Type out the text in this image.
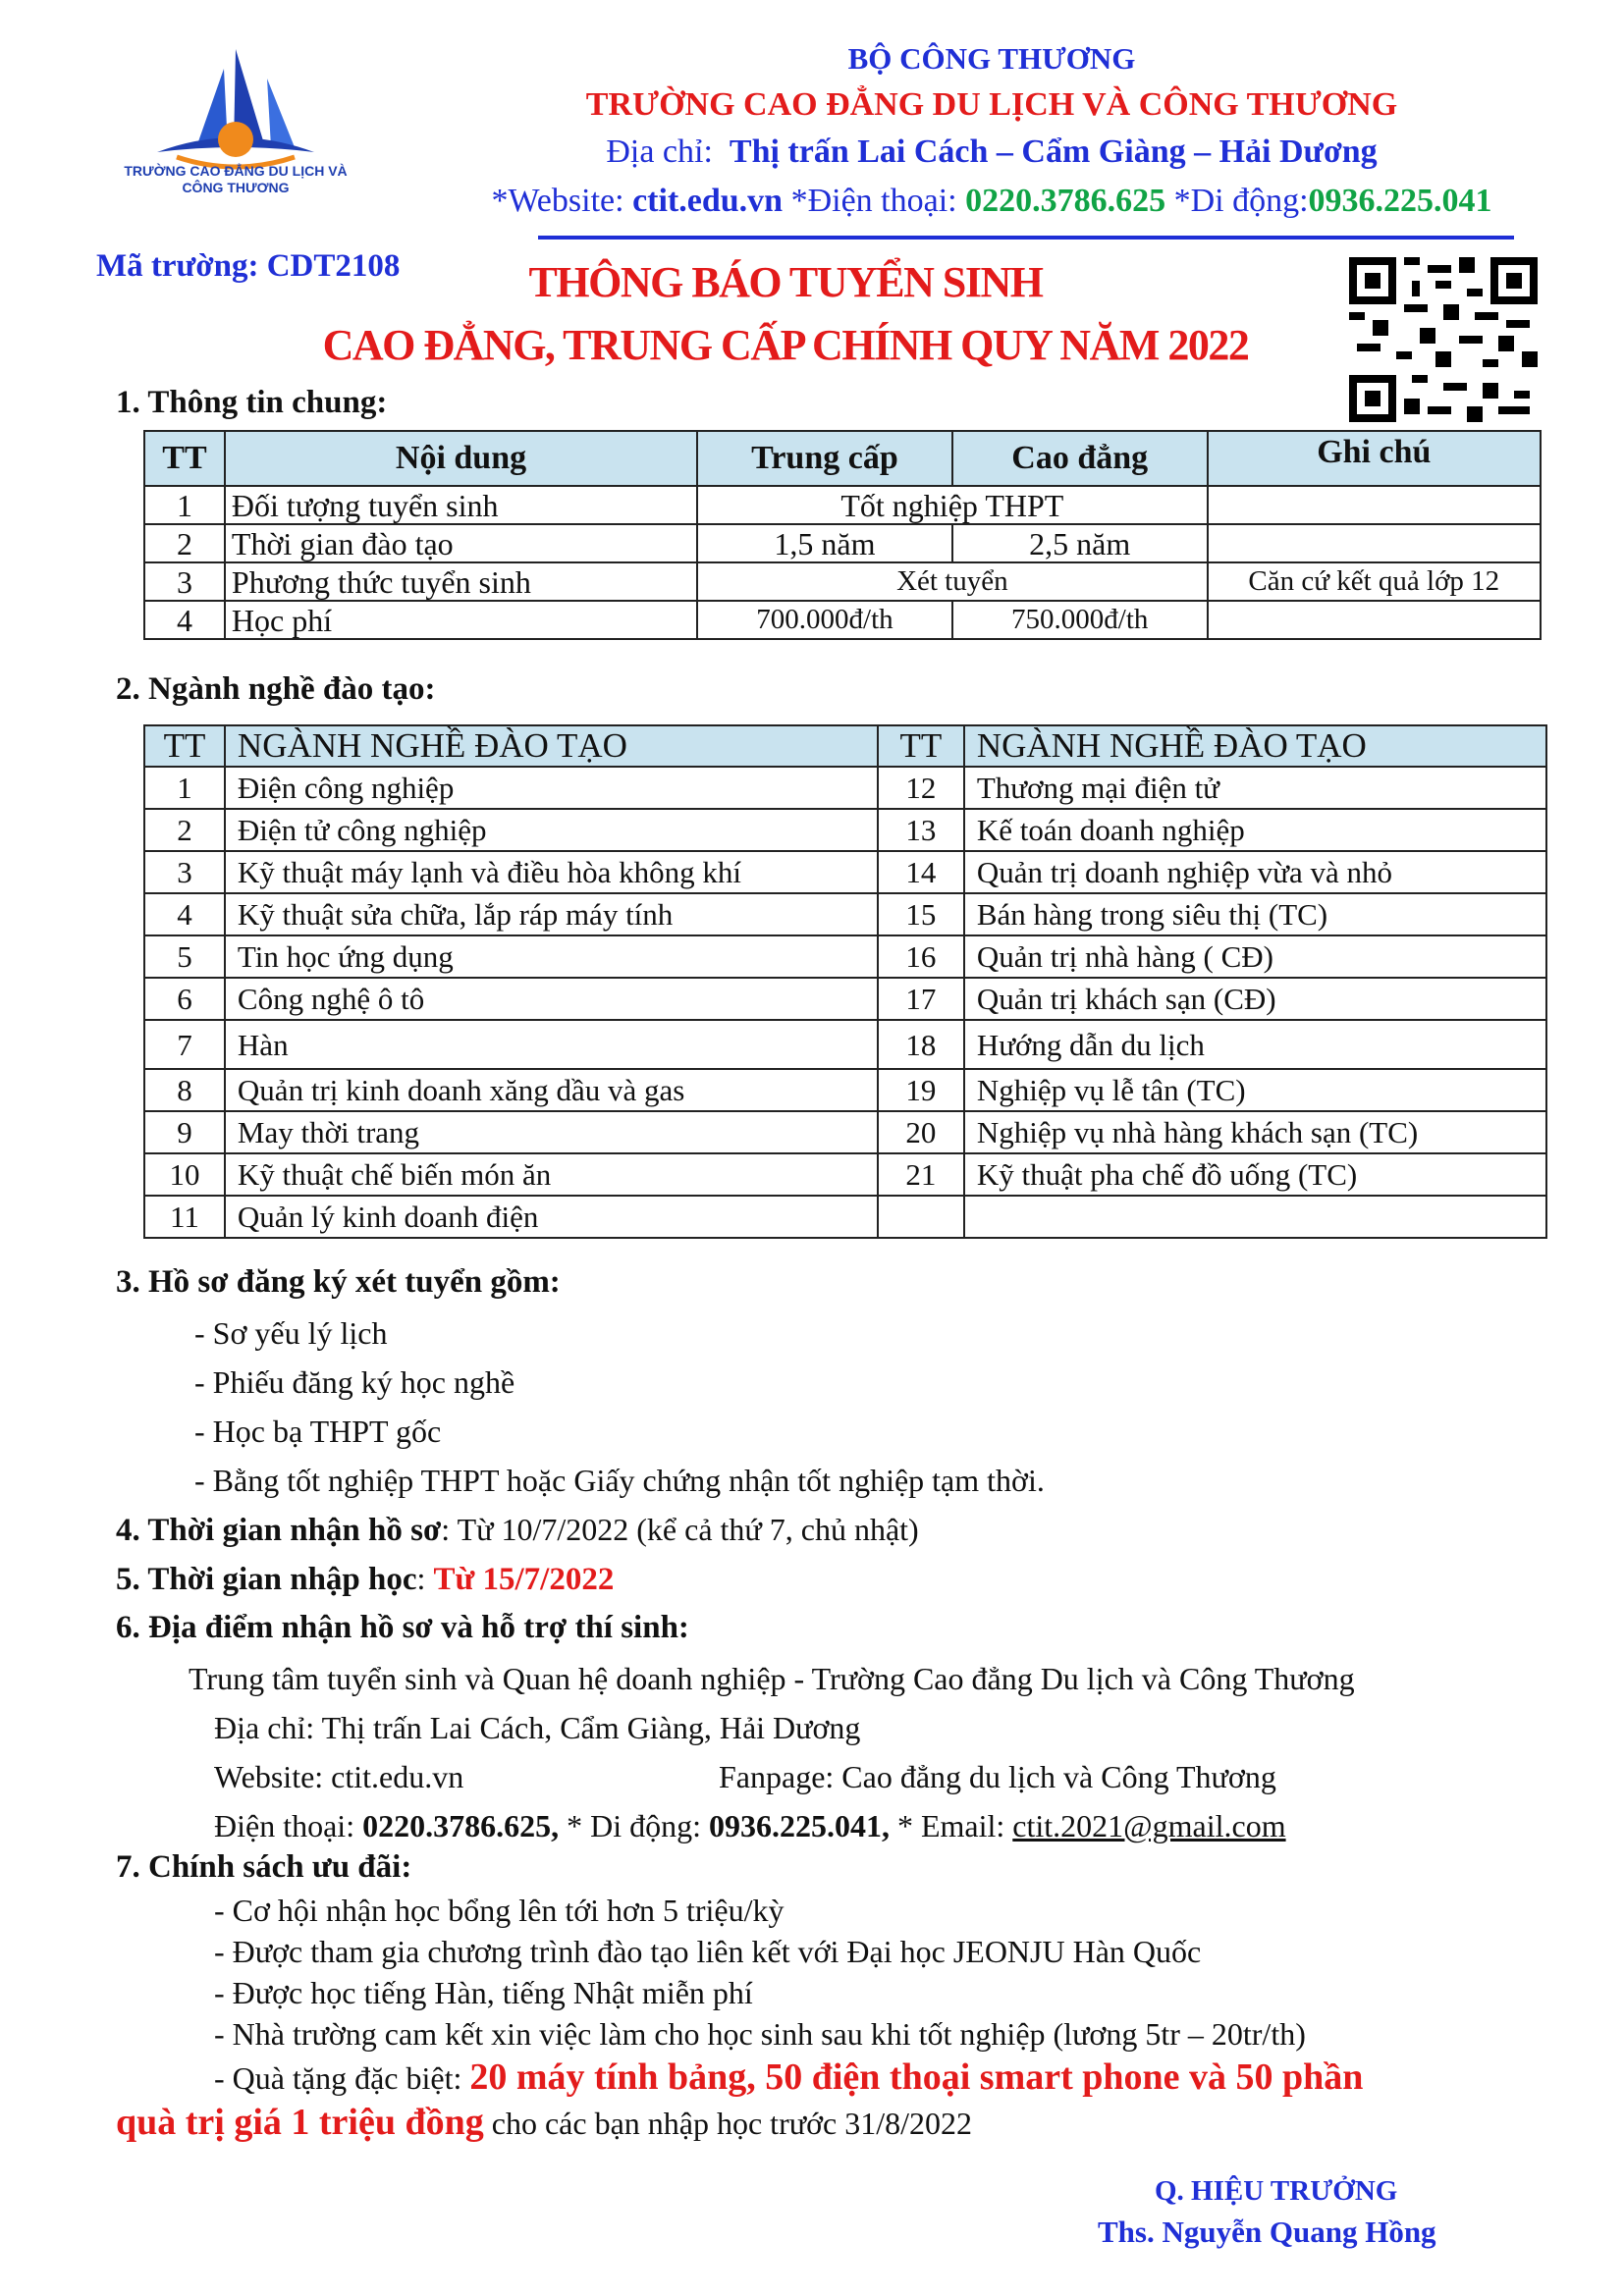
TRƯỜNG CAO ĐẲNG DU LỊCH VÀ CÔNG THƯƠNG
BỘ CÔNG THƯƠNG
TRƯỜNG CAO ĐẲNG DU LỊCH VÀ CÔNG THƯƠNG
Địa chỉ: Thị trấn Lai Cách – Cẩm Giàng – Hải Dương
*Website: ctit.edu.vn *Điện thoại: 0220.3786.625 *Di động:0936.225.041
Mã trường: CDT2108	THÔNG BÁO TUYỂN SINH
CAO ĐẲNG, TRUNG CẤP CHÍNH QUY NĂM 2022
1. Thông tin chung:
TT	Nội dung	Trung cấp	Cao đẳng	Ghi chú
1	Đối tượng tuyển sinh	Tốt nghiệp THPT		
2	Thời gian đào tạo	1,5 năm	2,5 năm	
3	Phương thức tuyển sinh	Xét tuyển		Căn cứ kết quả lớp 12
4	Học phí	700.000đ/th	750.000đ/th	
2. Ngành nghề đào tạo:
TT	NGÀNH NGHỀ ĐÀO TẠO	TT	NGÀNH NGHỀ ĐÀO TẠO
1	Điện công nghiệp	12	Thương mại điện tử
2	Điện tử công nghiệp	13	Kế toán doanh nghiệp
3	Kỹ thuật máy lạnh và điều hòa không khí	14	Quản trị doanh nghiệp vừa và nhỏ
4	Kỹ thuật sửa chữa, lắp ráp máy tính	15	Bán hàng trong siêu thị (TC)
5	Tin học ứng dụng	16	Quản trị nhà hàng ( CĐ)
6	Công nghệ ô tô	17	Quản trị khách sạn (CĐ)
7	Hàn	18	Hướng dẫn du lịch
8	Quản trị kinh doanh xăng dầu và gas	19	Nghiệp vụ lễ tân (TC)
9	May thời trang	20	Nghiệp vụ nhà hàng khách sạn (TC)
10	Kỹ thuật chế biến món ăn	21	Kỹ thuật pha chế đồ uống (TC)
11	Quản lý kinh doanh điện		
3. Hồ sơ đăng ký xét tuyển gồm:
- Sơ yếu lý lịch
- Phiếu đăng ký học nghề
- Học bạ THPT gốc
- Bằng tốt nghiệp THPT hoặc Giấy chứng nhận tốt nghiệp tạm thời.
4. Thời gian nhận hồ sơ: Từ 10/7/2022 (kể cả thứ 7, chủ nhật)
5. Thời gian nhập học: Từ 15/7/2022
6. Địa điểm nhận hồ sơ và hỗ trợ thí sinh:
Trung tâm tuyển sinh và Quan hệ doanh nghiệp - Trường Cao đẳng Du lịch và Công Thương
Địa chỉ: Thị trấn Lai Cách, Cẩm Giàng, Hải Dương
Website: ctit.edu.vn	Fanpage: Cao đẳng du lịch và Công Thương
Điện thoại: 0220.3786.625, * Di động: 0936.225.041, * Email: ctit.2021@gmail.com
7. Chính sách ưu đãi:
- Cơ hội nhận học bổng lên tới hơn 5 triệu/kỳ
- Được tham gia chương trình đào tạo liên kết với Đại học JEONJU Hàn Quốc
- Được học tiếng Hàn, tiếng Nhật miễn phí
- Nhà trường cam kết xin việc làm cho học sinh sau khi tốt nghiệp (lương 5tr – 20tr/th)
- Quà tặng đặc biệt: 20 máy tính bảng, 50 điện thoại smart phone và 50 phần
quà trị giá 1 triệu đồng cho các bạn nhập học trước 31/8/2022
Q. HIỆU TRƯỞNG
Ths. Nguyễn Quang Hồng
